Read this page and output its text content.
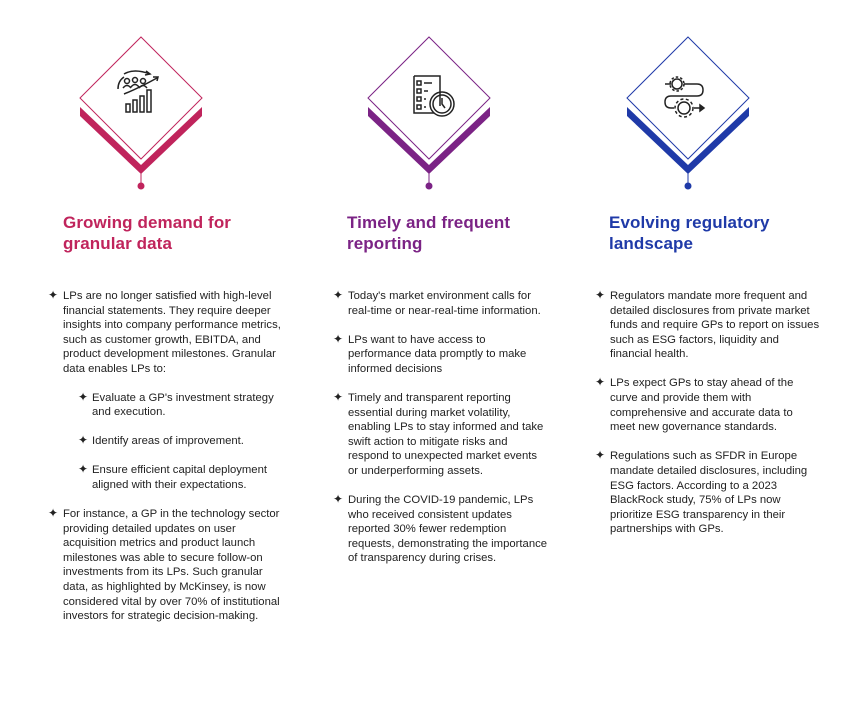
Growing demand for
granular data
✦ LPs are no longer satisfied with high-level financial statements. They require deeper insights into company performance metrics, such as customer growth, EBITDA, and product development milestones. Granular data enables LPs to:
✦ Evaluate a GP's investment strategy and execution.
✦ Identify areas of improvement.
✦ Ensure efficient capital deployment aligned with their expectations.
✦ For instance, a GP in the technology sector providing detailed updates on user acquisition metrics and product launch milestones was able to secure follow-on investments from its LPs. Such granular data, as highlighted by McKinsey, is now considered vital by over 70% of institutional investors for strategic decision-making.
Timely and frequent
reporting
✦ Today's market environment calls for real-time or near-real-time information.
✦ LPs want to have access to performance data promptly to make informed decisions
✦ Timely and transparent reporting essential during market volatility, enabling LPs to stay informed and take swift action to mitigate risks and respond to unexpected market events or underperforming assets.
✦ During the COVID-19 pandemic, LPs who received consistent updates reported 30% fewer redemption requests, demonstrating the importance of transparency during crises.
Evolving regulatory
landscape
✦ Regulators mandate more frequent and detailed disclosures from private market funds and require GPs to report on issues such as ESG factors, liquidity and financial health.
✦ LPs expect GPs to stay ahead of the curve and provide them with comprehensive and accurate data to meet new governance standards.
✦ Regulations such as SFDR in Europe mandate detailed disclosures, including ESG factors. According to a 2023 BlackRock study, 75% of LPs now prioritize ESG transparency in their partnerships with GPs.
